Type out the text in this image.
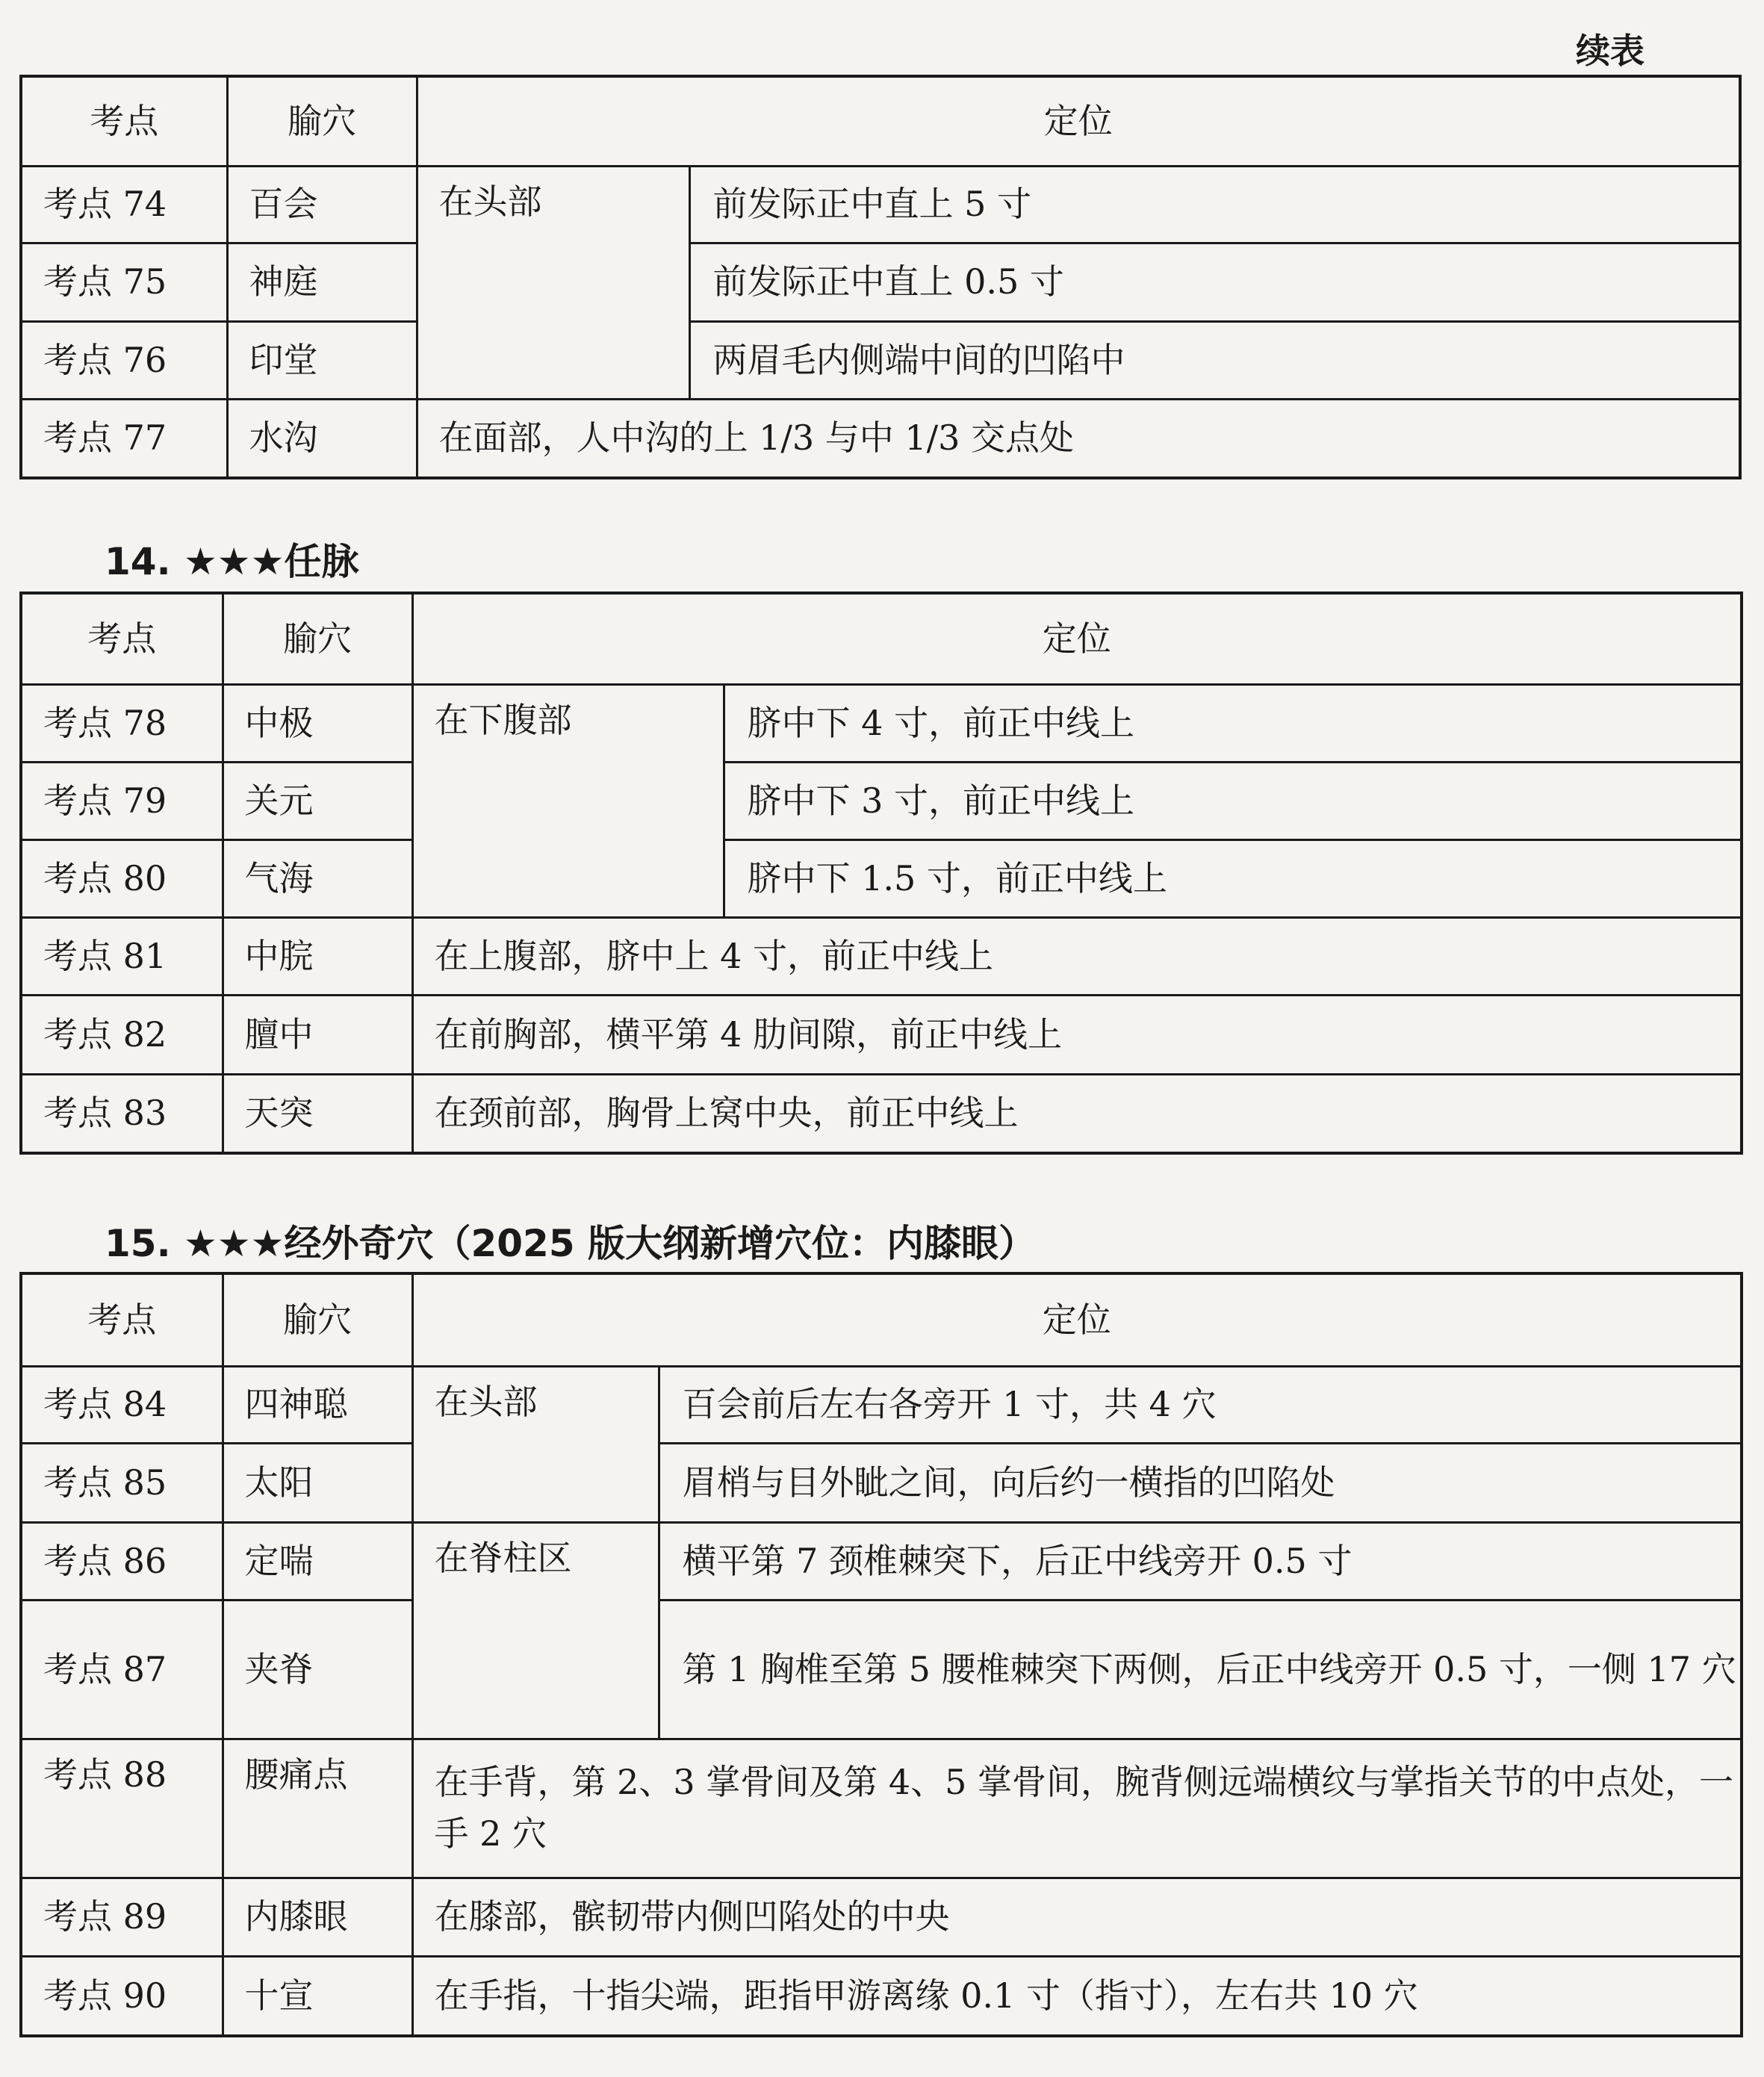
续表
考点	腧穴	定位	
考点 74	百会	在头部	前发际正中直上 5 寸
考点 75	神庭		前发际正中直上 0.5 寸
考点 76	印堂		两眉毛内侧端中间的凹陷中
考点 77	水沟	在面部，人中沟的上 1/3 与中 1/3 交点处	
14. ★★★任脉
考点	腧穴	定位	
考点 78	中极	在下腹部	脐中下 4 寸，前正中线上
考点 79	关元		脐中下 3 寸，前正中线上
考点 80	气海		脐中下 1.5 寸，前正中线上
考点 81	中脘	在上腹部，脐中上 4 寸，前正中线上	
考点 82	膻中	在前胸部，横平第 4 肋间隙，前正中线上	
考点 83	天突	在颈前部，胸骨上窝中央，前正中线上	
15. ★★★经外奇穴（2025 版大纲新增穴位：内膝眼）
考点	腧穴	定位	
考点 84	四神聪	在头部	百会前后左右各旁开 1 寸，共 4 穴
考点 85	太阳		眉梢与目外眦之间，向后约一横指的凹陷处
考点 86	定喘	在脊柱区	横平第 7 颈椎棘突下，后正中线旁开 0.5 寸
考点 87	夹脊		第 1 胸椎至第 5 腰椎棘突下两侧，后正中线旁开 0.5 寸，一侧 17 穴
考点 88	腰痛点	在手背，第 2、3 掌骨间及第 4、5 掌骨间，腕背侧远端横纹与掌指关节的中点处，一手 2 穴	
考点 89	内膝眼	在膝部，髌韧带内侧凹陷处的中央	
考点 90	十宣	在手指，十指尖端，距指甲游离缘 0.1 寸（指寸），左右共 10 穴	
